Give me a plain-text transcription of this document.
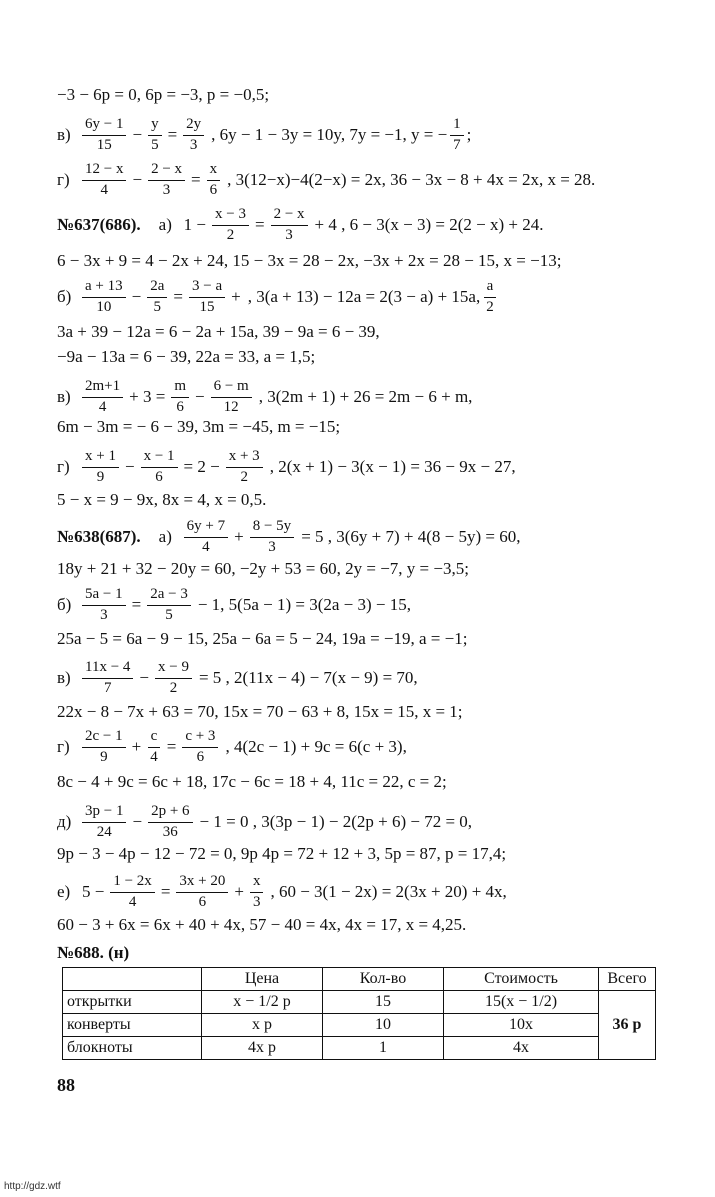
−3 − 6p = 0, 6p = −3, p = −0,5;
$в) \frac{6y - 1}{15} - \frac{y}{5} = \frac{2y}{3}$ , 6y − 1 − 3y = 10y, 7y = −1, y = − $\frac{1}{7}$ ;
$г) \frac{12 - x}{4} - \frac{2 - x}{3} = \frac{x}{6}$ , 3(12−x)−4(2−x) = 2x, 36 − 3x − 8 + 4x = 2x, x = 28.
№637(686). а) $1 - \frac{x - 3}{2} = \frac{2 - x}{3} + 4$ , 6 − 3(x − 3) = 2(2 − x) + 24.
6 − 3x + 9 = 4 − 2x + 24, 15 − 3x = 28 − 2x, −3x + 2x = 28 − 15, x = −13;
$б) \frac{a + 13}{10} - \frac{2a}{5} = \frac{3 - a}{15}$ + , 3(a + 13) − 12a = 2(3 − a) + 15a, $\frac{a}{2}$
3a + 39 − 12a = 6 − 2a + 15a, 39 − 9a = 6 − 39,
−9a − 13a = 6 − 39, 22a = 33, a = 1,5;
$в) \frac{2m+1}{4} + 3 = \frac{m}{6} - \frac{6 - m}{12}$ , 3(2m + 1) + 26 = 2m − 6 + m,
6m − 3m = − 6 − 39, 3m = −45, m = −15;
$г) \frac{x + 1}{9} - \frac{x - 1}{6} = 2 - \frac{x + 3}{2}$ , 2(x + 1) − 3(x − 1) = 36 − 9x − 27,
5 − x = 9 − 9x, 8x = 4, x = 0,5.
№638(687). $а) \frac{6y + 7}{4} + \frac{8 - 5y}{3} = 5$ , 3(6y + 7) + 4(8 − 5y) = 60,
18y + 21 + 32 − 20y = 60, −2y + 53 = 60, 2y = −7, y = −3,5;
$б) \frac{5a - 1}{3} = \frac{2a - 3}{5} - 1$, 5(5a − 1) = 3(2a − 3) − 15,
25a − 5 = 6a − 9 − 15, 25a − 6a = 5 − 24, 19a = −19, a = −1;
$в) \frac{11x - 4}{7} - \frac{x - 9}{2} = 5$ , 2(11x − 4) − 7(x − 9) = 70,
22x − 8 − 7x + 63 = 70, 15x = 70 − 63 + 8, 15x = 15, x = 1;
$г) \frac{2c - 1}{9} + \frac{c}{4} = \frac{c + 3}{6}$ , 4(2c − 1) + 9c = 6(c + 3),
8c − 4 + 9c = 6c + 18, 17c − 6c = 18 + 4, 11c = 22, c = 2;
$д) \frac{3p - 1}{24} - \frac{2p + 6}{36} - 1 = 0$ , 3(3p − 1) − 2(2p + 6) − 72 = 0,
9p − 3 − 4p − 12 − 72 = 0, 9p 4p = 72 + 12 + 3, 5p = 87, p = 17,4;
е) $5 - \frac{1 - 2x}{4} = \frac{3x + 20}{6} + \frac{x}{3}$ , 60 − 3(1 − 2x) = 2(3x + 20) + 4x,
60 − 3 + 6x = 6x + 40 + 4x, 57 − 40 = 4x, 4x = 17, x = 4,25.
№688. (н)
	Цена	Кол-во	Стоимость	Всего
открытки	x − 1/2 р	15	15(x − 1/2)	36 р
конверты	x р	10	10x	
блокноты	4x р	1	4x	
88
http://gdz.wtf
